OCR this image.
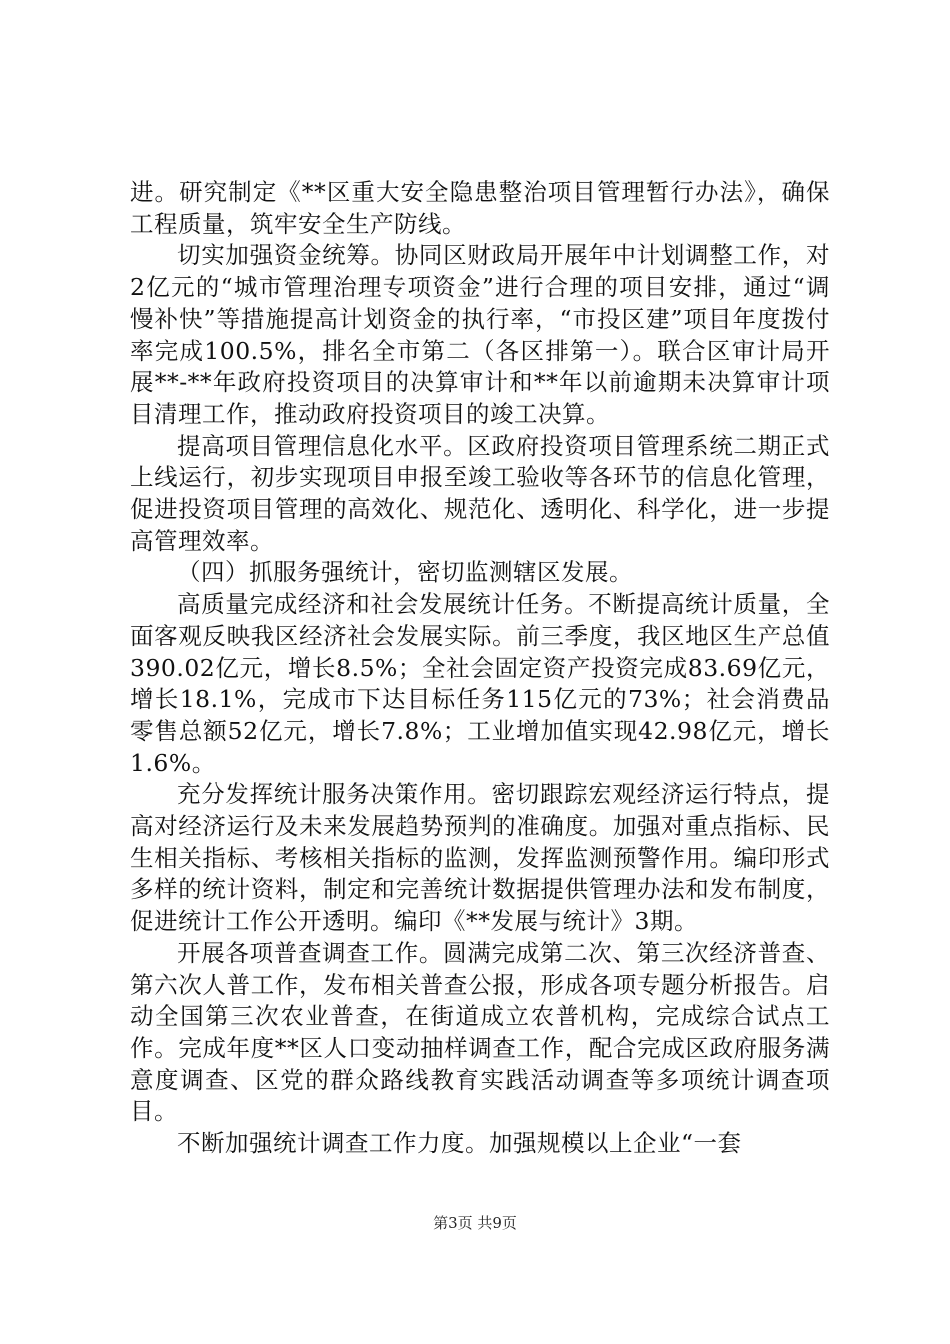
进。研究制定《**区重大安全隐患整治项目管理暂行办法》，确保工程质量，筑牢安全生产防线。

切实加强资金统筹。协同区财政局开展年中计划调整工作，对2亿元的“城市管理治理专项资金”进行合理的项目安排，通过“调慢补快”等措施提高计划资金的执行率，“市投区建”项目年度拨付率完成100.5%，排名全市第二（各区排第一）。联合区审计局开展**-**年政府投资项目的决算审计和**年以前逾期未决算审计项目清理工作，推动政府投资项目的竣工决算。

提高项目管理信息化水平。区政府投资项目管理系统二期正式上线运行，初步实现项目申报至竣工验收等各环节的信息化管理，促进投资项目管理的高效化、规范化、透明化、科学化，进一步提高管理效率。

（四）抓服务强统计，密切监测辖区发展。

高质量完成经济和社会发展统计任务。不断提高统计质量，全面客观反映我区经济社会发展实际。前三季度，我区地区生产总值390.02亿元，增长8.5%；全社会固定资产投资完成83.69亿元，增长18.1%，完成市下达目标任务115亿元的73%；社会消费品零售总额52亿元，增长7.8%；工业增加值实现42.98亿元，增长1.6%。

充分发挥统计服务决策作用。密切跟踪宏观经济运行特点，提高对经济运行及未来发展趋势预判的准确度。加强对重点指标、民生相关指标、考核相关指标的监测，发挥监测预警作用。编印形式多样的统计资料，制定和完善统计数据提供管理办法和发布制度，促进统计工作公开透明。编印《**发展与统计》3期。

开展各项普查调查工作。圆满完成第二次、第三次经济普查、第六次人普工作，发布相关普查公报，形成各项专题分析报告。启动全国第三次农业普查，在街道成立农普机构，完成综合试点工作。完成年度**区人口变动抽样调查工作，配合完成区政府服务满意度调查、区党的群众路线教育实践活动调查等多项统计调查项目。

不断加强统计调查工作力度。加强规模以上企业“一套

第3页 共9页
